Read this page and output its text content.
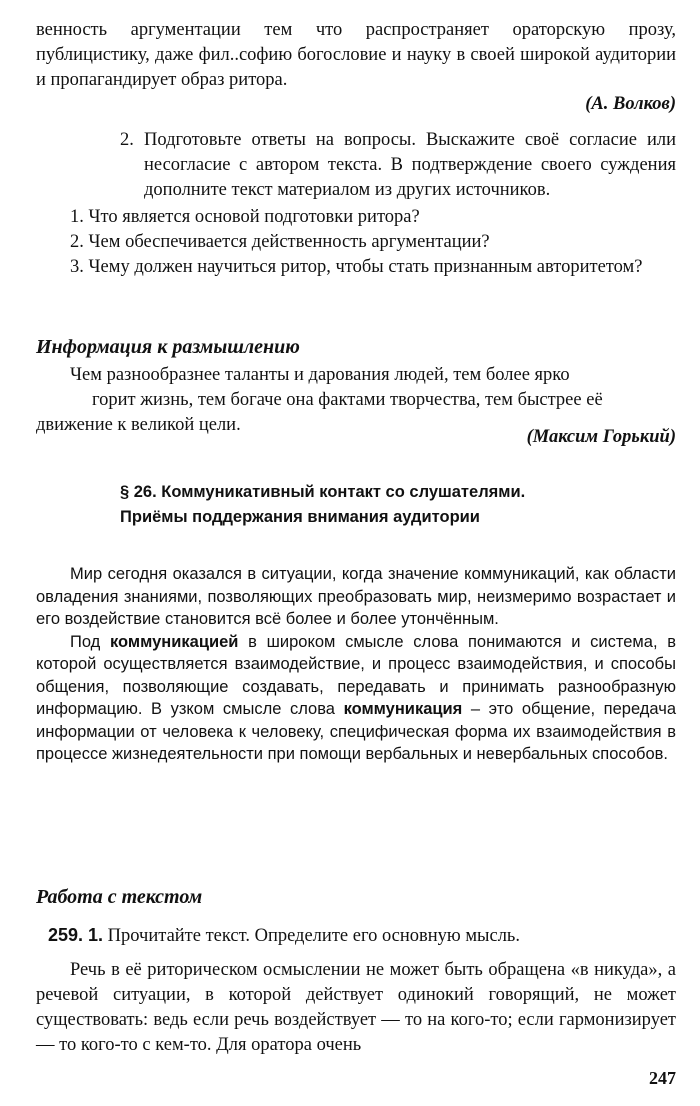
венность аргументации тем что распространяет ораторскую прозу, публицистику, даже фил..софию богословие и науку в своей широкой аудитории и пропагандирует образ ритора.

(А. Волков)
2. Подготовьте ответы на вопросы. Выскажите своё согласие или несогласие с автором текста. В подтверждение своего суждения дополните текст материалом из других источников.

1. Что является основой подготовки ритора?

2. Чем обеспечивается действенность аргументации?

3. Чему должен научиться ритор, чтобы стать признанным авторитетом?

Информация к размышлению

Чем разнообразнее таланты и дарования людей, тем более ярко

горит жизнь, тем богаче она фактами творчества, тем быстрее её движение к великой цели.

(Максим Горький)

§ 26. Коммуникативный контакт со слушателями.

Приёмы поддержания внимания аудитории

Мир сегодня оказался в ситуации, когда значение коммуникаций, как области овладения знаниями, позволяющих преобразовать мир, неизмеримо возрастает и его воздействие становится всё более и более утончённым.

Под коммуникацией в широком смысле слова понимаются и система, в которой осуществляется взаимодействие, и процесс взаимодействия, и способы общения, позволяющие создавать, передавать и принимать разнообразную информацию. В узком смысле слова коммуникация – это общение, передача информации от человека к человеку, специфическая форма их взаимодействия в процессе жизнедеятельности при помощи вербальных и невербальных способов.

Работа с текстом
259. 1. Прочитайте текст. Определите его основную мысль.

Речь в её риторическом осмыслении не может быть обращена «в никуда», а речевой ситуации, в которой действует одинокий говорящий, не может существовать: ведь если речь воздействует — то на кого-то; если гармонизирует — то кого-то с кем-то. Для оратора очень

247
